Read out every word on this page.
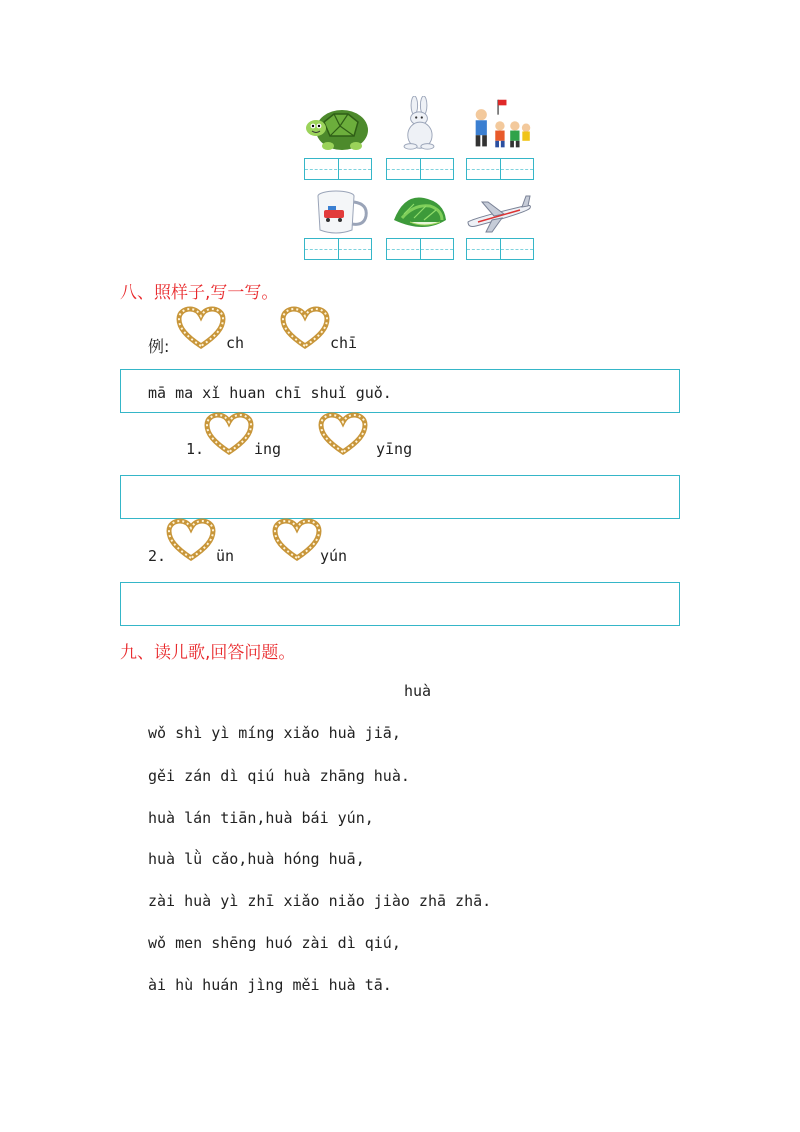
八、照样子,写一写。
例:	ch	chī
mā ma xǐ huan chī shuǐ guǒ.
1.	ing	yīng
2.	ün	yún
九、读儿歌,回答问题。
huà
wǒ shì yì míng xiǎo huà jiā,
gěi zán dì qiú huà zhāng huà.
huà lán tiān,huà bái yún,
huà lǜ cǎo,huà hóng huā,
zài huà yì zhī xiǎo niǎo jiào zhā zhā.
wǒ men shēng huó zài dì qiú,
ài hù huán jìng měi huà tā.
